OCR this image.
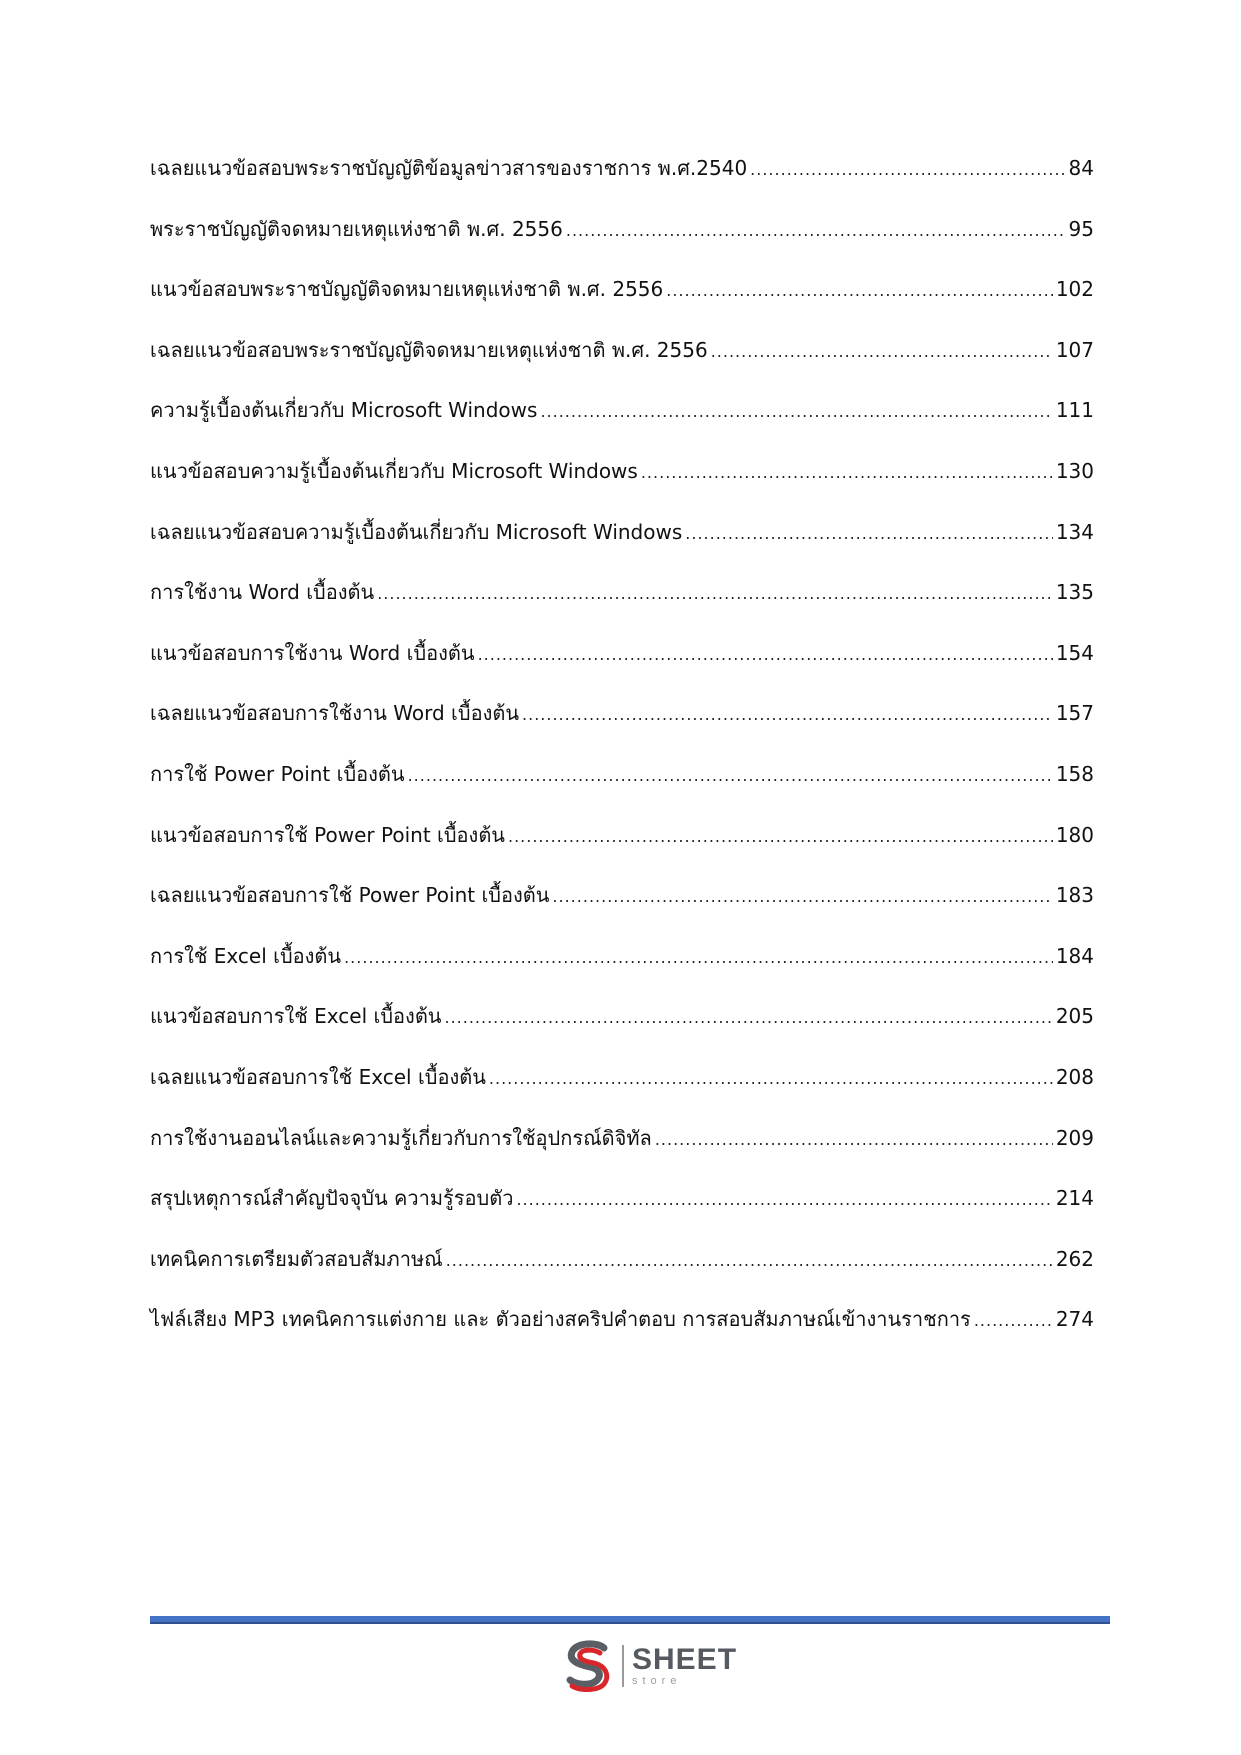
เฉลยแนวข้อสอบพระราชบัญญัติข้อมูลข่าวสารของราชการ พ.ศ.2540 .....	84
พระราชบัญญัติจดหมายเหตุแห่งชาติ พ.ศ. 2556 .....	95
แนวข้อสอบพระราชบัญญัติจดหมายเหตุแห่งชาติ พ.ศ. 2556 .....	102
เฉลยแนวข้อสอบพระราชบัญญัติจดหมายเหตุแห่งชาติ พ.ศ. 2556 .....	107
ความรู้เบื้องต้นเกี่ยวกับ Microsoft Windows .....	111
แนวข้อสอบความรู้เบื้องต้นเกี่ยวกับ Microsoft Windows .....	130
เฉลยแนวข้อสอบความรู้เบื้องต้นเกี่ยวกับ Microsoft Windows .....	134
การใช้งาน Word เบื้องต้น .....	135
แนวข้อสอบการใช้งาน Word เบื้องต้น .....	154
เฉลยแนวข้อสอบการใช้งาน Word เบื้องต้น .....	157
การใช้ Power Point เบื้องต้น .....	158
แนวข้อสอบการใช้ Power Point เบื้องต้น .....	180
เฉลยแนวข้อสอบการใช้ Power Point เบื้องต้น .....	183
การใช้ Excel เบื้องต้น .....	184
แนวข้อสอบการใช้ Excel เบื้องต้น .....	205
เฉลยแนวข้อสอบการใช้ Excel เบื้องต้น .....	208
การใช้งานออนไลน์และความรู้เกี่ยวกับการใช้อุปกรณ์ดิจิทัล .....	209
สรุปเหตุการณ์สำคัญปัจจุบัน ความรู้รอบตัว .....	214
เทคนิคการเตรียมตัวสอบสัมภาษณ์ .....	262
ไฟล์เสียง MP3 เทคนิคการแต่งกาย และ ตัวอย่างสคริปคำตอบ การสอบสัมภาษณ์เข้างานราชการ .....	274
SHEET
store
